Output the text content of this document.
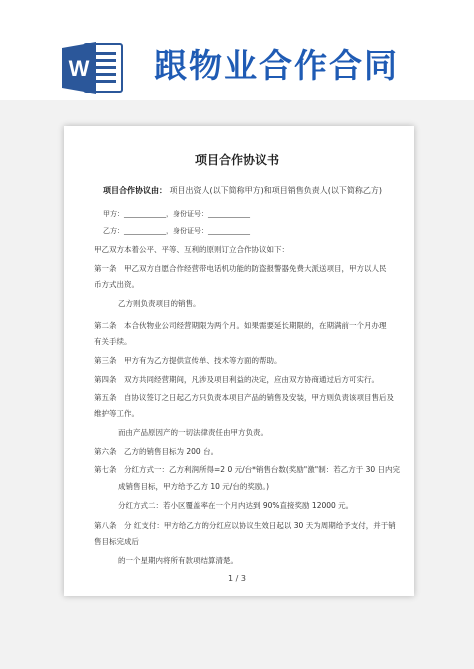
W 跟物业合作合同
项目合作协议书
项目合作协议由： 项目出资人(以下简称甲方)和项目销售负责人(以下简称乙方)
甲方：____________，身份证号：____________
乙方：____________，身份证号：____________
甲乙双方本着公平、平等、互利的原则订立合作协议如下：
第一条　甲乙双方自愿合作经营带电话机功能的防盗报警器免费大派送项目，甲方以人民
币方式出资。
乙方则负责项目的销售。
第二条　本合伙物业公司经营期限为两个月。如果需要延长期限的，在期满前一个月办理
有关手续。
第三条　甲方有为乙方提供宣传单、技术等方面的帮助。
第四条　双方共同经营期间，凡涉及项目利益的决定，应由双方协商通过后方可实行。
第五条　自协议签订之日起乙方只负责本项目产品的销售及安装，甲方则负责该项目售后及
维护等工作。
而由产品原因产的一切法律责任由甲方负责。
第六条　乙方的销售目标为 200 台。
第七条　分红方式一：乙方利润所得=2 0 元/台*销售台数(奖励"激"制：若乙方于 30 日内完
成销售目标，甲方给予乙方 10 元/台的奖励。)
分红方式二：若小区覆盖率在一个月内达到 90%直接奖励 12000 元。
第八条　分 红支付：甲方给乙方的分红应以协议生效日起以 30 天为周期给予支付，并于销
售目标完成后
的一个星期内将所有款项结算清楚。
1 / 3
